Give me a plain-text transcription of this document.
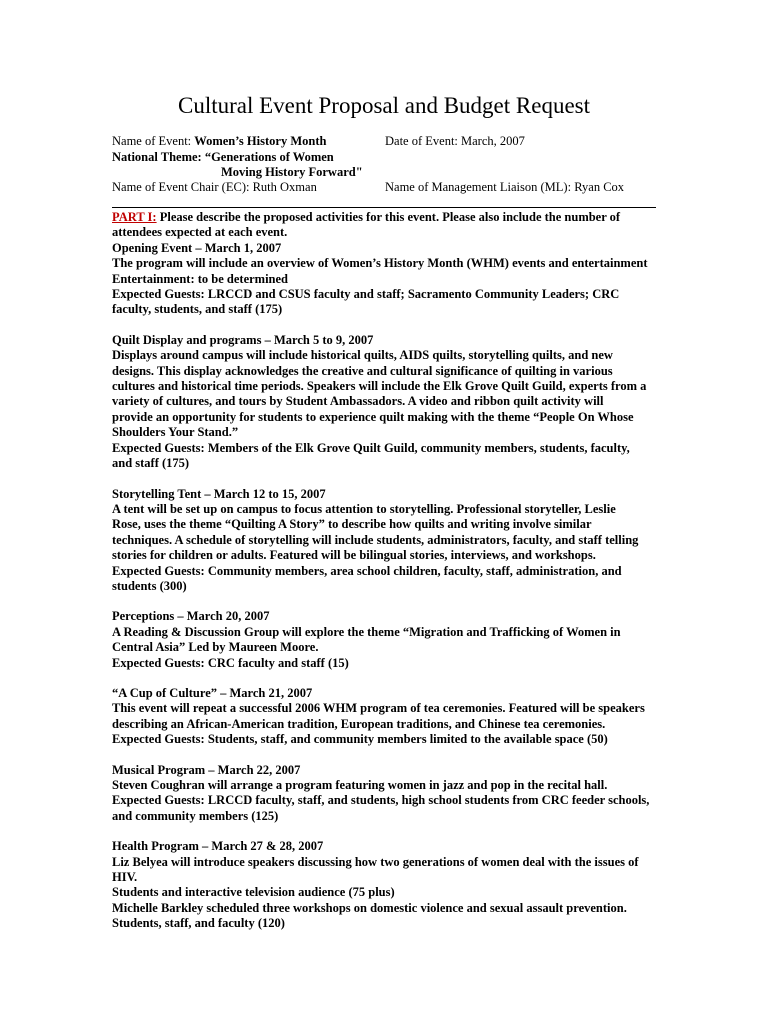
Cultural Event Proposal and Budget Request
Name of Event: Women’s History Month	Date of Event: March, 2007
National Theme: “Generations of Women
Moving History Forward"
Name of Event Chair (EC): Ruth Oxman	Name of Management Liaison (ML): Ryan Cox

PART I: Please describe the proposed activities for this event. Please also include the number of

attendees expected at each event.

Opening Event – March 1, 2007

The program will include an overview of Women’s History Month (WHM) events and entertainment

Entertainment: to be determined

Expected Guests: LRCCD and CSUS faculty and staff; Sacramento Community Leaders; CRC

faculty, students, and staff (175)

Quilt Display and programs – March 5 to 9, 2007

Displays around campus will include historical quilts, AIDS quilts, storytelling quilts, and new

designs. This display acknowledges the creative and cultural significance of quilting in various

cultures and historical time periods. Speakers will include the Elk Grove Quilt Guild, experts from a

variety of cultures, and tours by Student Ambassadors. A video and ribbon quilt activity will

provide an opportunity for students to experience quilt making with the theme “People On Whose

Shoulders Your Stand.”

Expected Guests: Members of the Elk Grove Quilt Guild, community members, students, faculty,

and staff (175)

Storytelling Tent – March 12 to 15, 2007

A tent will be set up on campus to focus attention to storytelling. Professional storyteller, Leslie

Rose, uses the theme “Quilting A Story” to describe how quilts and writing involve similar

techniques. A schedule of storytelling will include students, administrators, faculty, and staff telling

stories for children or adults. Featured will be bilingual stories, interviews, and workshops.

Expected Guests: Community members, area school children, faculty, staff, administration, and

students (300)

Perceptions – March 20, 2007

A Reading & Discussion Group will explore the theme “Migration and Trafficking of Women in

Central Asia” Led by Maureen Moore.

Expected Guests: CRC faculty and staff (15)

“A Cup of Culture” – March 21, 2007

This event will repeat a successful 2006 WHM program of tea ceremonies. Featured will be speakers

describing an African-American tradition, European traditions, and Chinese tea ceremonies.

Expected Guests: Students, staff, and community members limited to the available space (50)

Musical Program – March 22, 2007

Steven Coughran will arrange a program featuring women in jazz and pop in the recital hall.

Expected Guests: LRCCD faculty, staff, and students, high school students from CRC feeder schools,

and community members (125)

Health Program – March 27 & 28, 2007

Liz Belyea will introduce speakers discussing how two generations of women deal with the issues of

HIV.

Students and interactive television audience (75 plus)

Michelle Barkley scheduled three workshops on domestic violence and sexual assault prevention.

Students, staff, and faculty (120)
